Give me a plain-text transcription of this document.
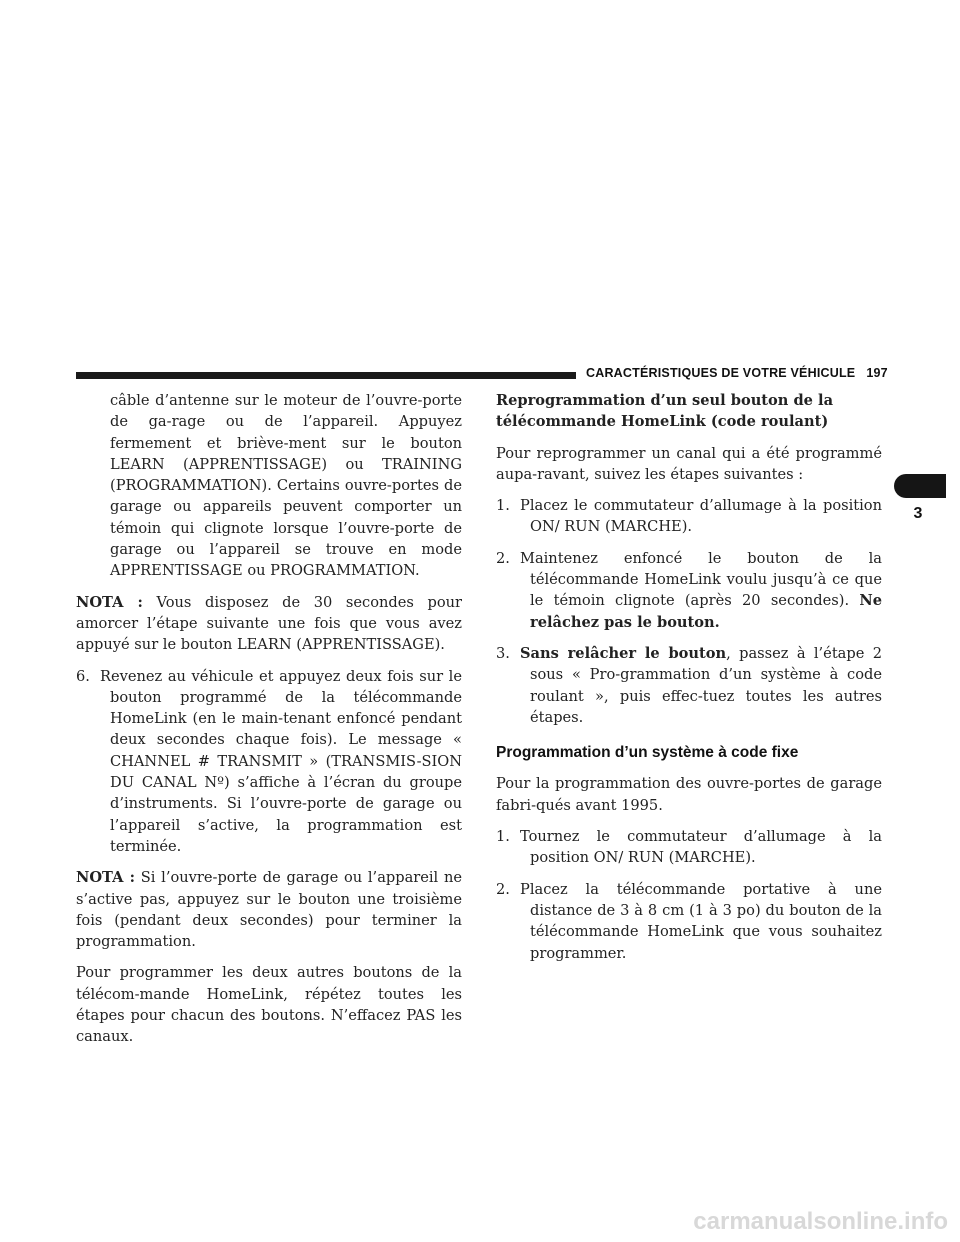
CARACTÉRISTIQUES DE VOTRE VÉHICULE 197
3

câble d’antenne sur le moteur de l’ouvre-porte de ga-rage ou de l’appareil. Appuyez fermement et briève-ment sur le bouton LEARN (APPRENTISSAGE) ou TRAINING (PROGRAMMATION). Certains ouvre-portes de garage ou appareils peuvent comporter un témoin qui clignote lorsque l’ouvre-porte de garage ou l’appareil se trouve en mode APPRENTISSAGE ou PROGRAMMATION.

NOTA : Vous disposez de 30 secondes pour amorcer l’étape suivante une fois que vous avez appuyé sur le bouton LEARN (APPRENTISSAGE).

6. Revenez au véhicule et appuyez deux fois sur le bouton programmé de la télécommande HomeLink (en le main-tenant enfoncé pendant deux secondes chaque fois). Le message « CHANNEL # TRANSMIT » (TRANSMIS-SION DU CANAL Nº) s’affiche à l’écran du groupe d’instruments. Si l’ouvre-porte de garage ou l’appareil s’active, la programmation est terminée.

NOTA : Si l’ouvre-porte de garage ou l’appareil ne s’active pas, appuyez sur le bouton une troisième fois (pendant deux secondes) pour terminer la programmation.

Pour programmer les deux autres boutons de la télécom-mande HomeLink, répétez toutes les étapes pour chacun des boutons. N’effacez PAS les canaux.

Reprogrammation d’un seul bouton de la télécommande HomeLink (code roulant)

Pour reprogrammer un canal qui a été programmé aupa-ravant, suivez les étapes suivantes :

1. Placez le commutateur d’allumage à la position ON/ RUN (MARCHE).
2. Maintenez enfoncé le bouton de la télécommande HomeLink voulu jusqu’à ce que le témoin clignote (après 20 secondes). Ne relâchez pas le bouton.
3. Sans relâcher le bouton, passez à l’étape 2 sous « Pro-grammation d’un système à code roulant », puis effec-tuez toutes les autres étapes.
Programmation d’un système à code fixe

Pour la programmation des ouvre-portes de garage fabri-qués avant 1995.

1. Tournez le commutateur d’allumage à la position ON/ RUN (MARCHE).
2. Placez la télécommande portative à une distance de 3 à 8 cm (1 à 3 po) du bouton de la télécommande HomeLink que vous souhaitez programmer.
carmanualsonline.info
